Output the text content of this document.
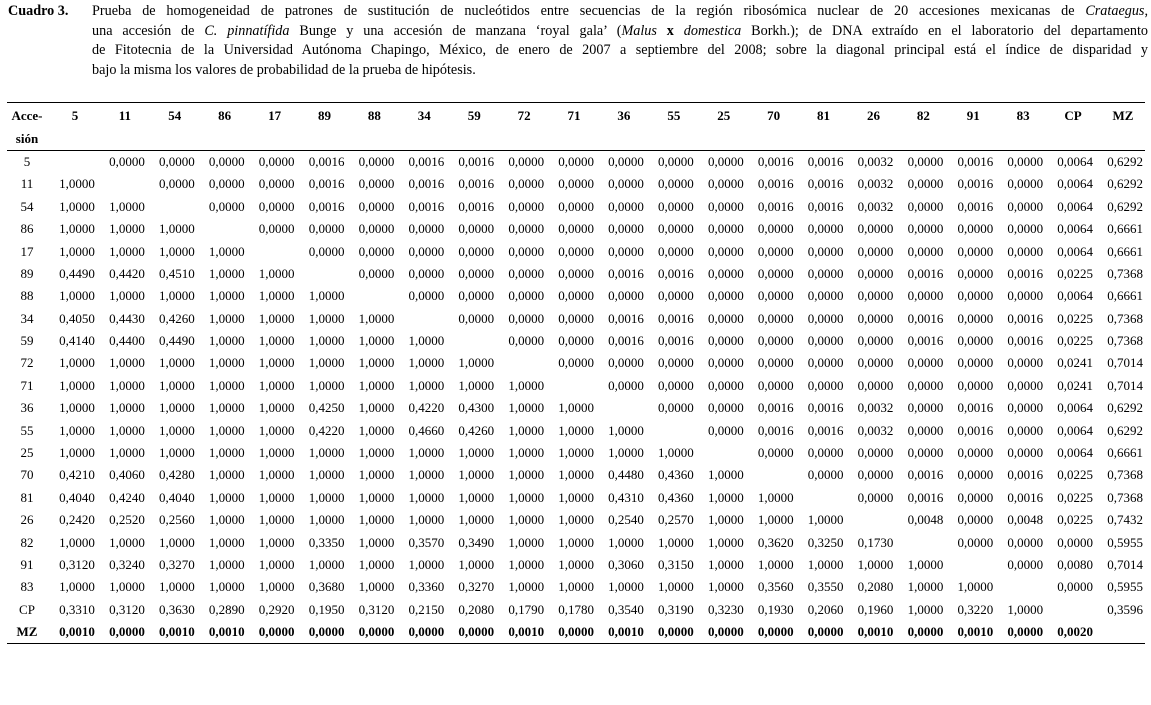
Cuadro 3.	Prueba de homogeneidad de patrones de sustitución de nucleótidos entre secuencias de la región ribosómica nuclear de 20 accesiones mexicanas de Crataegus,
una accesión de C. pinnatífida Bunge y una accesión de manzana ‘royal gala’ (Malus x domestica Borkh.); de DNA extraído en el laboratorio del departamento
de Fitotecnia de la Universidad Autónoma Chapingo, México, de enero de 2007 a septiembre del 2008; sobre la diagonal principal está el índice de disparidad y
bajo la misma los valores de probabilidad de la prueba de hipótesis.
Acce-	5	11	54	86	17	89	88	34	59	72	71	36	55	25	70	81	26	82	91	83	CP	MZ
sión																						
5		0,0000	0,0000	0,0000	0,0000	0,0016	0,0000	0,0016	0,0016	0,0000	0,0000	0,0000	0,0000	0,0000	0,0016	0,0016	0,0032	0,0000	0,0016	0,0000	0,0064	0,6292
11	1,0000		0,0000	0,0000	0,0000	0,0016	0,0000	0,0016	0,0016	0,0000	0,0000	0,0000	0,0000	0,0000	0,0016	0,0016	0,0032	0,0000	0,0016	0,0000	0,0064	0,6292
54	1,0000	1,0000		0,0000	0,0000	0,0016	0,0000	0,0016	0,0016	0,0000	0,0000	0,0000	0,0000	0,0000	0,0016	0,0016	0,0032	0,0000	0,0016	0,0000	0,0064	0,6292
86	1,0000	1,0000	1,0000		0,0000	0,0000	0,0000	0,0000	0,0000	0,0000	0,0000	0,0000	0,0000	0,0000	0,0000	0,0000	0,0000	0,0000	0,0000	0,0000	0,0064	0,6661
17	1,0000	1,0000	1,0000	1,0000		0,0000	0,0000	0,0000	0,0000	0,0000	0,0000	0,0000	0,0000	0,0000	0,0000	0,0000	0,0000	0,0000	0,0000	0,0000	0,0064	0,6661
89	0,4490	0,4420	0,4510	1,0000	1,0000		0,0000	0,0000	0,0000	0,0000	0,0000	0,0016	0,0016	0,0000	0,0000	0,0000	0,0000	0,0016	0,0000	0,0016	0,0225	0,7368
88	1,0000	1,0000	1,0000	1,0000	1,0000	1,0000		0,0000	0,0000	0,0000	0,0000	0,0000	0,0000	0,0000	0,0000	0,0000	0,0000	0,0000	0,0000	0,0000	0,0064	0,6661
34	0,4050	0,4430	0,4260	1,0000	1,0000	1,0000	1,0000		0,0000	0,0000	0,0000	0,0016	0,0016	0,0000	0,0000	0,0000	0,0000	0,0016	0,0000	0,0016	0,0225	0,7368
59	0,4140	0,4400	0,4490	1,0000	1,0000	1,0000	1,0000	1,0000		0,0000	0,0000	0,0016	0,0016	0,0000	0,0000	0,0000	0,0000	0,0016	0,0000	0,0016	0,0225	0,7368
72	1,0000	1,0000	1,0000	1,0000	1,0000	1,0000	1,0000	1,0000	1,0000		0,0000	0,0000	0,0000	0,0000	0,0000	0,0000	0,0000	0,0000	0,0000	0,0000	0,0241	0,7014
71	1,0000	1,0000	1,0000	1,0000	1,0000	1,0000	1,0000	1,0000	1,0000	1,0000		0,0000	0,0000	0,0000	0,0000	0,0000	0,0000	0,0000	0,0000	0,0000	0,0241	0,7014
36	1,0000	1,0000	1,0000	1,0000	1,0000	0,4250	1,0000	0,4220	0,4300	1,0000	1,0000		0,0000	0,0000	0,0016	0,0016	0,0032	0,0000	0,0016	0,0000	0,0064	0,6292
55	1,0000	1,0000	1,0000	1,0000	1,0000	0,4220	1,0000	0,4660	0,4260	1,0000	1,0000	1,0000		0,0000	0,0016	0,0016	0,0032	0,0000	0,0016	0,0000	0,0064	0,6292
25	1,0000	1,0000	1,0000	1,0000	1,0000	1,0000	1,0000	1,0000	1,0000	1,0000	1,0000	1,0000	1,0000		0,0000	0,0000	0,0000	0,0000	0,0000	0,0000	0,0064	0,6661
70	0,4210	0,4060	0,4280	1,0000	1,0000	1,0000	1,0000	1,0000	1,0000	1,0000	1,0000	0,4480	0,4360	1,0000		0,0000	0,0000	0,0016	0,0000	0,0016	0,0225	0,7368
81	0,4040	0,4240	0,4040	1,0000	1,0000	1,0000	1,0000	1,0000	1,0000	1,0000	1,0000	0,4310	0,4360	1,0000	1,0000		0,0000	0,0016	0,0000	0,0016	0,0225	0,7368
26	0,2420	0,2520	0,2560	1,0000	1,0000	1,0000	1,0000	1,0000	1,0000	1,0000	1,0000	0,2540	0,2570	1,0000	1,0000	1,0000		0,0048	0,0000	0,0048	0,0225	0,7432
82	1,0000	1,0000	1,0000	1,0000	1,0000	0,3350	1,0000	0,3570	0,3490	1,0000	1,0000	1,0000	1,0000	1,0000	0,3620	0,3250	0,1730		0,0000	0,0000	0,0000	0,5955
91	0,3120	0,3240	0,3270	1,0000	1,0000	1,0000	1,0000	1,0000	1,0000	1,0000	1,0000	0,3060	0,3150	1,0000	1,0000	1,0000	1,0000	1,0000		0,0000	0,0080	0,7014
83	1,0000	1,0000	1,0000	1,0000	1,0000	0,3680	1,0000	0,3360	0,3270	1,0000	1,0000	1,0000	1,0000	1,0000	0,3560	0,3550	0,2080	1,0000	1,0000		0,0000	0,5955
CP	0,3310	0,3120	0,3630	0,2890	0,2920	0,1950	0,3120	0,2150	0,2080	0,1790	0,1780	0,3540	0,3190	0,3230	0,1930	0,2060	0,1960	1,0000	0,3220	1,0000		0,3596
MZ	0,0010	0,0000	0,0010	0,0010	0,0000	0,0000	0,0000	0,0000	0,0000	0,0010	0,0000	0,0010	0,0000	0,0000	0,0000	0,0000	0,0010	0,0000	0,0010	0,0000	0,0020	
